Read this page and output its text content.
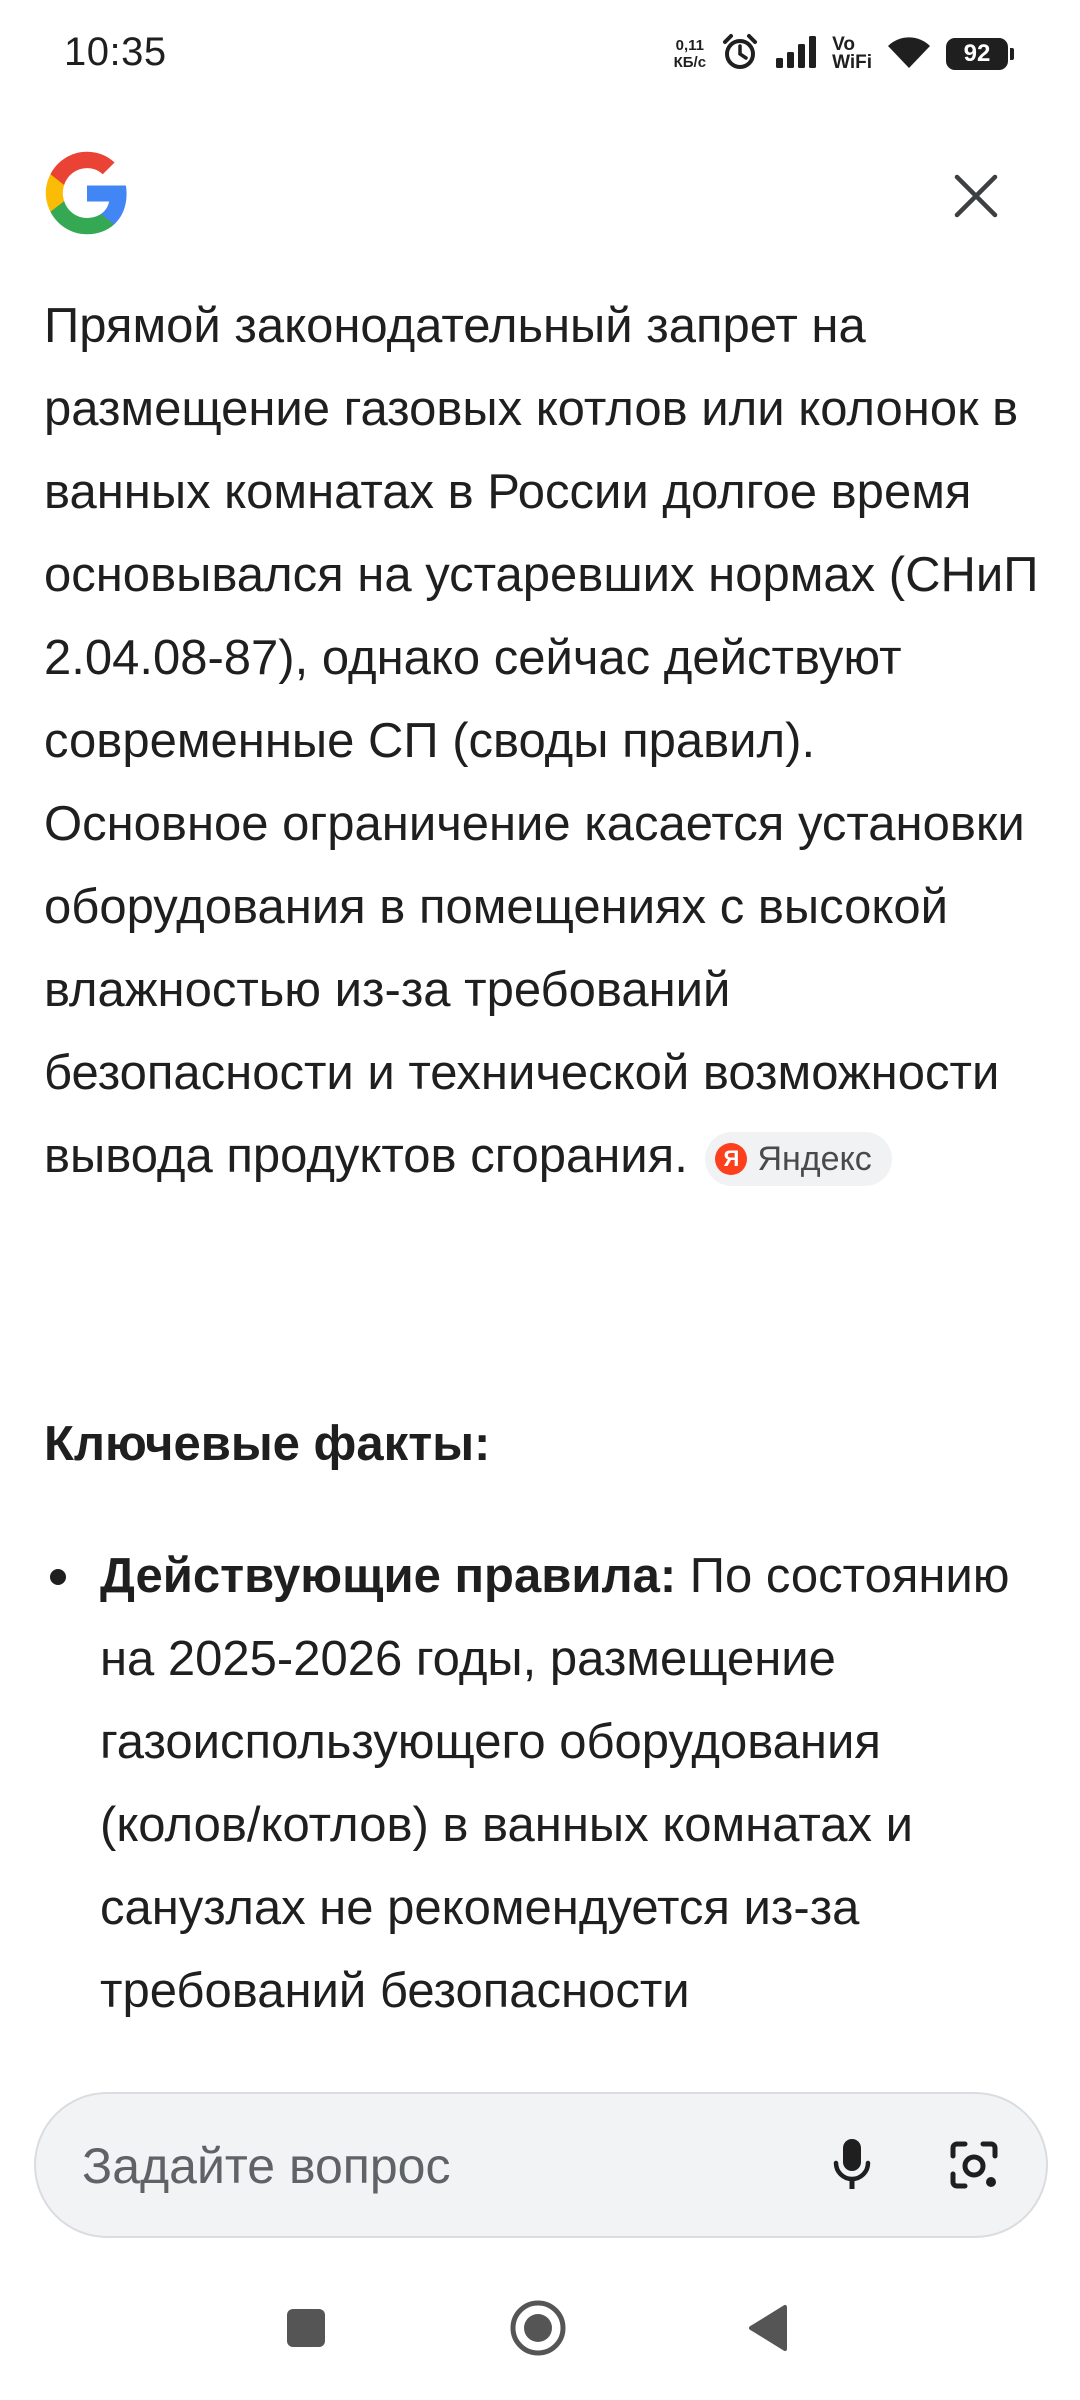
10:35	0,11
КБ/с
Vo
WiFi	92
Прямой законодательный запрет на размещение газовых котлов или колонок в ванных комнатах в России долгое время основывался на устаревших нормах (СНиП 2.04.08-87), однако сейчас действуют современные СП (своды правил). Основное ограничение касается установки оборудования в помещениях с высокой влажностью из-за требований безопасности и технической возможности вывода продуктов сгорания.	Я Яндекс
Ключевые факты:
Действующие правила: По состоянию на 2025-2026 годы, размещение газоиспользующего оборудования (колов/котлов) в ванных комнатах и санузлах не рекомендуется из-за требований безопасности
Задайте вопрос
